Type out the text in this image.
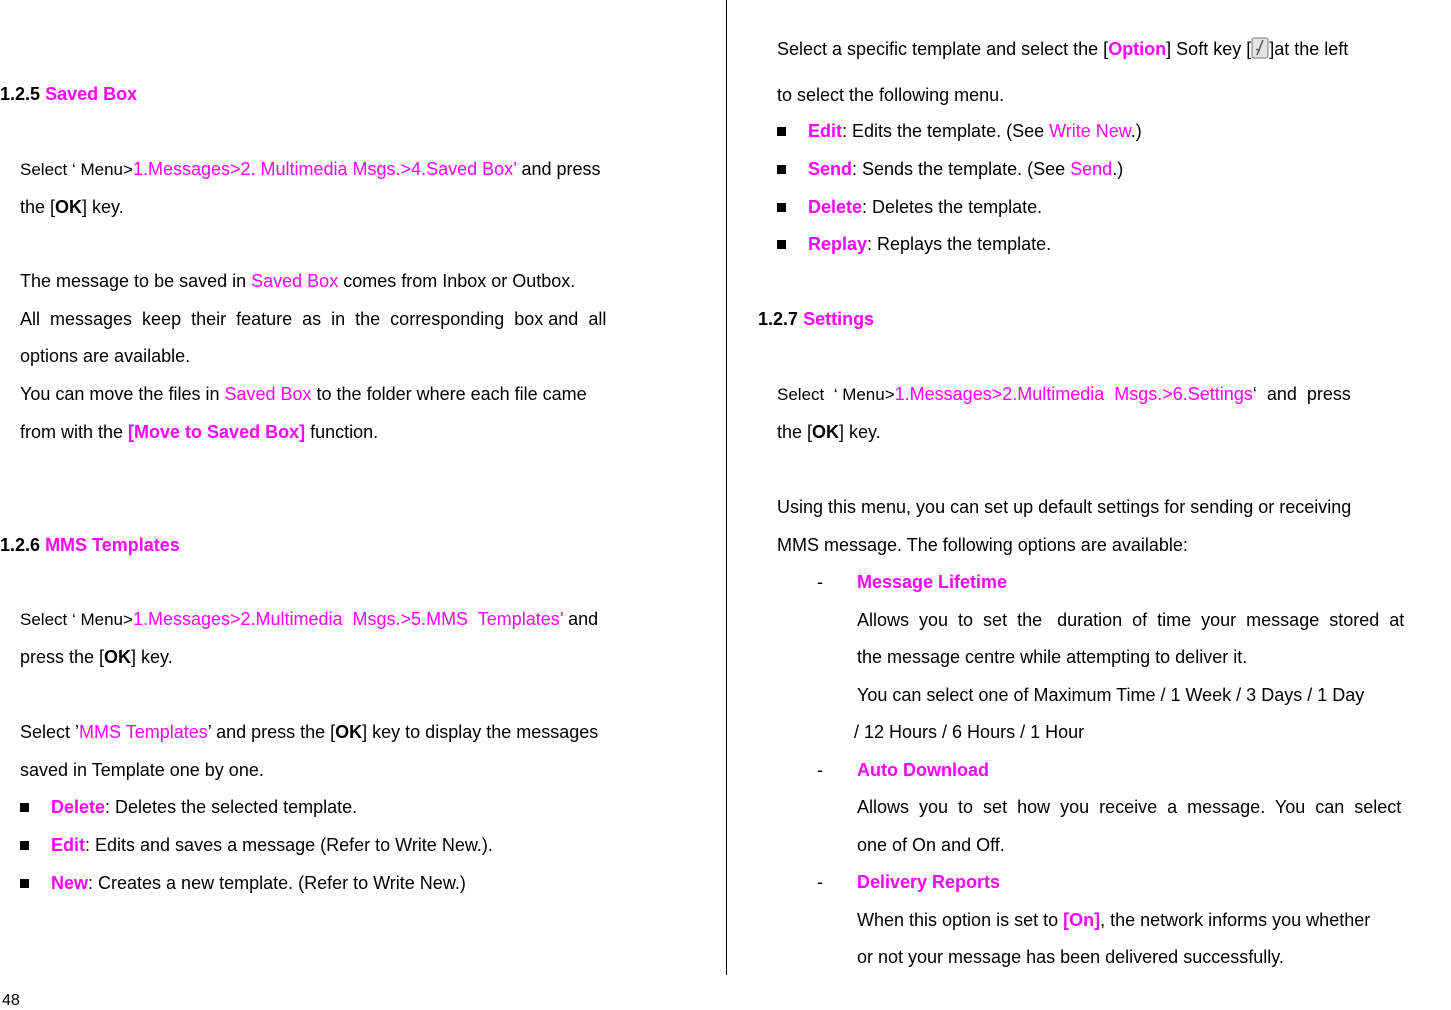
1.2.5 Saved Box
Select ‘ Menu>1.Messages>2. Multimedia Msgs.>4.Saved Box’ and press
the [OK] key.
The message to be saved in Saved Box comes from Inbox or Outbox.
All  messages  keep  their  feature  as  in  the  corresponding  box and  all
options are available.
You can move the files in Saved Box to the folder where each file came
from with the [Move to Saved Box] function.
1.2.6 MMS Templates
Select ‘ Menu>1.Messages>2.Multimedia  Msgs.>5.MMS  Templates’ and
press the [OK] key.
Select ’MMS Templates’ and press the [OK] key to display the messages
saved in Template one by one.
Delete: Deletes the selected template.
Edit: Edits and saves a message (Refer to Write New.).
New: Creates a new template. (Refer to Write New.)
48
Select a specific template and select the [Option] Soft key [ ]at the left
to select the following menu.
Edit: Edits the template. (See Write New.)
Send: Sends the template. (See Send.)
Delete: Deletes the template.
Replay: Replays the template.
1.2.7 Settings
Select  ‘ Menu>1.Messages>2.Multimedia  Msgs.>6.Settings‘  and  press
the [OK] key.
Using this menu, you can set up default settings for sending or receiving
MMS message. The following options are available:
- Message Lifetime
Allows  you  to  set  the   duration  of  time  your  message  stored  at
the message centre while attempting to deliver it.
You can select one of Maximum Time / 1 Week / 3 Days / 1 Day
/ 12 Hours / 6 Hours / 1 Hour
- Auto Download
Allows  you  to  set  how  you  receive  a  message.  You  can  select
one of On and Off.
- Delivery Reports
When this option is set to [On], the network informs you whether
or not your message has been delivered successfully.
